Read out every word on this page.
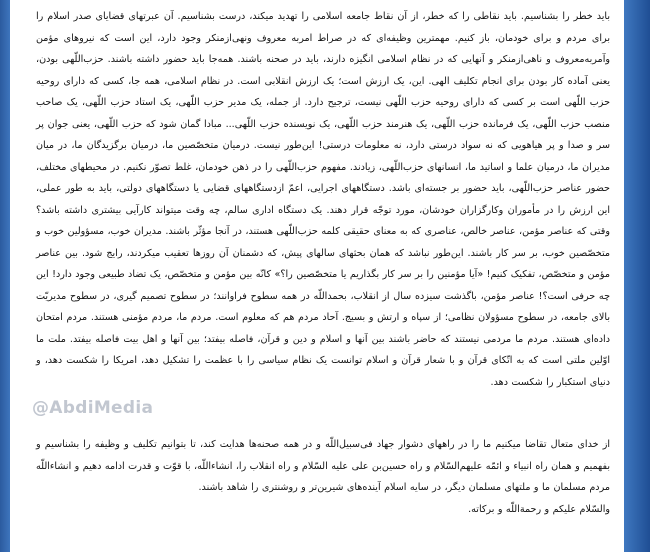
باید خطر را بشناسیم. باید نقاطی را که خطر، از آن نقاط جامعه اسلامی را تهدید میکند، درست بشناسیم. آن عبرتهای قضایای صدر اسلام را برای مردم و برای خودمان، باز کنیم. مهمترین وظیفه‌ای که در صراط امربه معروف ونهی‌ازمنکر وجود دارد، این است که نیروهای مؤمن وآمربه‌معروف و ناهی‌ازمنکر و آنهایی که در نظام اسلامی انگیزه دارند، باید در صحنه باشند. همه‌جا باید حضور داشته باشند. حزب‌اللّهی بودن، یعنی آماده کار بودن برای انجام تکلیف الهی. این، یک ارزش است؛ یک ارزش انقلابی است. در نظام اسلامی، همه جا، کسی که دارای روحیه حزب اللّهی است بر کسی که دارای روحیه حزب اللّهی نیست، ترجیح دارد. از جمله، یک مدیر حزب اللّهی، یک استاد حزب اللّهی، یک صاحب منصب حزب اللّهی، یک فرمانده حزب اللّهی، یک هنرمند حزب اللّهی، یک نویسنده حزب اللّهی... مبادا گمان شود که حزب اللّهی، یعنی جوان پر سر و صدا و پر هیاهویی که نه سواد درستی دارد، نه معلومات درستی! این‌طور نیست. درمیان متخصّصین ما، درمیان برگزیدگان ما، در میان مدیران ما، درمیان علما و اساتید ما، انسانهای حزب‌اللّهی، زیادند. مفهوم حزب‌اللّهی را در ذهن خودمان، غلط تصوّر نکنیم. در محیطهای مختلف، حضور عناصر حزب‌اللّهی، باید حضور بر جسته‌ای باشد. دستگاههای اجرایی، اعمّ ازدستگاههای قضایی یا دستگاههای دولتی، باید به طور عملی، این ارزش را در مأموران وکارگزاران خودشان، مورد توجّه قرار دهند. یک دستگاه اداری سالم، چه وقت میتواند کارآیی بیشتری داشته باشد؟ وقتی که عناصر مؤمن، عناصر خالص، عناصری که به معنای حقیقی کلمه حزب‌اللّهی هستند، در آنجا مؤثّر باشند. مدیران خوب، مسؤولین خوب و متخصّصین خوب، بر سر کار باشند. این‌طور نباشد که همان بحثهای سالهای پیش، که دشمنان آن روزها تعقیب میکردند، رایج شود. بین عناصر مؤمن و متخصّص، تفکیک کنیم! «آیا مؤمنین را بر سر کار بگذاریم یا متخصّصین را؟» کانّه بین مؤمن و متخصّص، یک تضاد طبیعی وجود دارد! این چه حرفی است؟! عناصر مؤمن، باگذشت سیزده سال از انقلاب، بحمداللّه در همه سطوح فراوانند؛ در سطوح تصمیم گیری، در سطوح مدیریّت بالای جامعه، در سطوح مسؤولان نظامی؛ از سپاه و ارتش و بسیج. آحاد مردم هم که معلوم است. مردم ما، مردم مؤمنی هستند. مردم امتحان داده‌ای هستند. مردم ما مردمی نیستند که حاضر باشند بین آنها و اسلام و دین و قرآن، فاصله بیفتد؛ بین آنها و اهل بیت فاصله بیفتد. ملت ما اوّلین ملتی است که به اتّکای قرآن و با شعار قرآن و اسلام توانست یک نظام سیاسی را با عظمت را تشکیل دهد، امریکا را شکست دهد، و دنیای استکبار را شکست دهد.

از خدای متعال تقاضا میکنیم ما را در راههای دشوار جهاد فی‌سبیل‌اللّه و در همه صحنه‌ها هدایت کند، تا بتوانیم تکلیف و وظیفه را بشناسیم و بفهمیم و همان راه انبیاء و ائمّه علیهم‌السّلام و راه حسین‌بن علی علیه السّلام و راه انقلاب را، انشاءاللّه، با قوّت و قدرت ادامه دهیم و انشاءاللّه مردم مسلمان ما و ملتهای مسلمان دیگر، در سایه اسلام آینده‌های شیرین‌تر و روشنتری را شاهد باشند.

والسّلام علیکم و رحمةاللّه و برکاته.

@AbdiMedia
